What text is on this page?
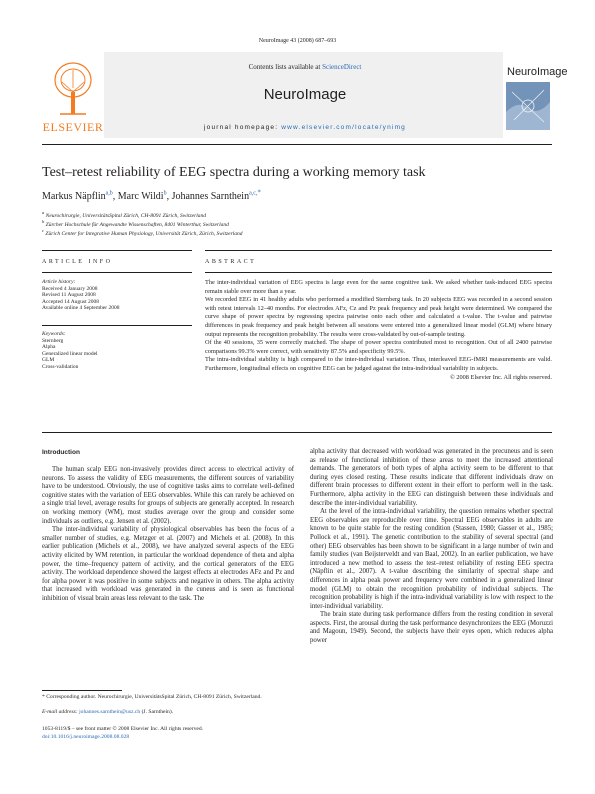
NeuroImage 43 (2008) 687–693
ELSEVIER
Contents lists available at ScienceDirect
NeuroImage
journal homepage: www.elsevier.com/locate/ynimg
NeuroImage
Test–retest reliability of EEG spectra during a working memory task
Markus Näpflin$^{a,b}$, Marc Wildi$^b$, Johannes Sarnthein$^{a,c,*}$
$^a$ Neurochirurgie, UniversitätsSpital Zürich, CH-8091 Zürich, Switzerland
$^b$ Zürcher Hochschule für Angewandte Wissenschaften, 8401 Winterthur, Switzerland
$^c$ Zürich Center for Integrative Human Physiology, Universität Zürich, Zürich, Switzerland
ARTICLE INFO
Article history:
Received 4 January 2008
Revised 11 August 2008
Accepted 14 August 2008
Available online 4 September 2008
Keywords:
Sternberg
Alpha
Generalized linear model
GLM
Cross-validation
ABSTRACT

The inter-individual variation of EEG spectra is large even for the same cognitive task. We asked whether task-induced EEG spectra remain stable over more than a year.

We recorded EEG in 41 healthy adults who performed a modified Sternberg task. In 20 subjects EEG was recorded in a second session with retest intervals 12–40 months. For electrodes AFz, Cz and Pz peak frequency and peak height were determined. We compared the curve shape of power spectra by regressing spectra pairwise onto each other and calculated a t-value. The t-value and pairwise differences in peak frequency and peak height between all sessions were entered into a generalized linear model (GLM) where binary output represents the recognition probability. The results were cross-validated by out-of-sample testing.

Of the 40 sessions, 35 were correctly matched. The shape of power spectra contributed most to recognition. Out of all 2400 pairwise comparisons 99.3% were correct, with sensitivity 87.5% and specificity 99.5%.

The intra-individual stability is high compared to the inter-individual variation. Thus, interleaved EEG-fMRI measurements are valid. Furthermore, longitudinal effects on cognitive EEG can be judged against the intra-individual variability in subjects.

© 2008 Elsevier Inc. All rights reserved.

Introduction

The human scalp EEG non-invasively provides direct access to electrical activity of neurons. To assess the validity of EEG measurements, the different sources of variability have to be understood. Obviously, the use of cognitive tasks aims to correlate well-defined cognitive states with the variation of EEG observables. While this can rarely be achieved on a single trial level, average results for groups of subjects are generally accepted. In research on working memory (WM), most studies average over the group and consider some individuals as outliers, e.g. Jensen et al. (2002).

The inter-individual variability of physiological observables has been the focus of a smaller number of studies, e.g. Metzger et al. (2007) and Michels et al. (2008). In this earlier publication (Michels et al., 2008), we have analyzed several aspects of the EEG activity elicited by WM retention, in particular the workload dependence of theta and alpha power, the time–frequency pattern of activity, and the cortical generators of the EEG activity. The workload dependence showed the largest effects at electrodes AFz and Pz and for alpha power it was positive in some subjects and negative in others. The alpha activity that increased with workload was generated in the cuneus and is seen as functional inhibition of visual brain areas less relevant to the task. The

alpha activity that decreased with workload was generated in the precuneus and is seen as release of functional inhibition of these areas to meet the increased attentional demands. The generators of both types of alpha activity seem to be different to that during eyes closed resting. These results indicate that different individuals draw on different brain processes to different extent in their effort to perform well in the task. Furthermore, alpha activity in the EEG can distinguish between these individuals and describe the inter-individual variability.

At the level of the intra-individual variability, the question remains whether spectral EEG observables are reproducible over time. Spectral EEG observables in adults are known to be quite stable for the resting condition (Stassen, 1980; Gasser et al., 1985; Pollock et al., 1991). The genetic contribution to the stability of several spectral (and other) EEG observables has been shown to be significant in a large number of twin and family studies (van Beijsterveldt and van Baal, 2002). In an earlier publication, we have introduced a new method to assess the test–retest reliability of resting EEG spectra (Näpflin et al., 2007). A t-value describing the similarity of spectral shape and differences in alpha peak power and frequency were combined in a generalized linear model (GLM) to obtain the recognition probability of individual subjects. The recognition probability is high if the intra-individual variability is low with respect to the inter-individual variability.

The brain state during task performance differs from the resting condition in several aspects. First, the arousal during the task performance desynchronizes the EEG (Moruzzi and Magoun, 1949). Second, the subjects have their eyes open, which reduces alpha power

* Corresponding author. Neurochirurgie, UniversitätsSpital Zürich, CH-8091 Zürich, Switzerland.
E-mail address: johannes.sarnthein@usz.ch (J. Sarnthein).
1053-8119/$ – see front matter © 2008 Elsevier Inc. All rights reserved.
doi:10.1016/j.neuroimage.2008.08.028
